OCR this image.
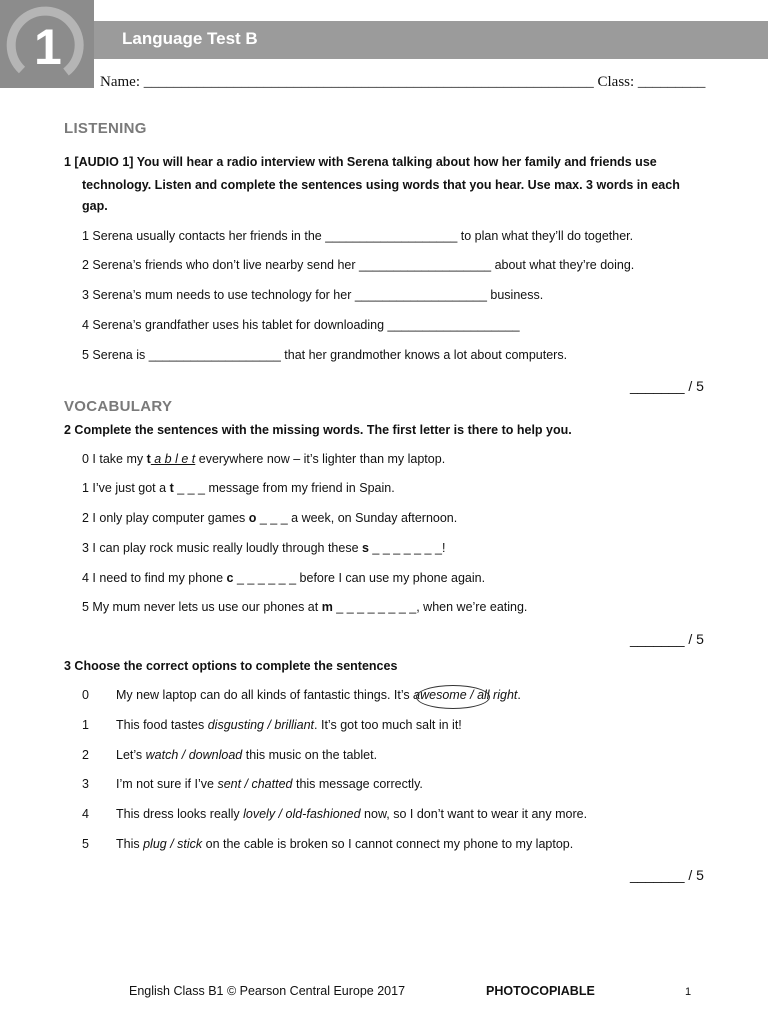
1	Language Test B
Name: ____________________________________________________________ Class: _________
LISTENING
1 [AUDIO 1] You will hear a radio interview with Serena talking about how her family and friends use
technology. Listen and complete the sentences using words that you hear. Use max. 3 words in each
gap.
1 Serena usually contacts her friends in the ___________________ to plan what they’ll do together.
2 Serena’s friends who don’t live nearby send her ___________________ about what they’re doing.
3 Serena’s mum needs to use technology for her ___________________ business.
4 Serena’s grandfather uses his tablet for downloading ___________________
5 Serena is ___________________ that her grandmother knows a lot about computers.
_______ / 5
VOCABULARY
2 Complete the sentences with the missing words. The first letter is there to help you.
0 I take my t a b l e t everywhere now – it’s lighter than my laptop.
1 I’ve just got a t _ _ _ message from my friend in Spain.
2 I only play computer games o _ _ _ a week, on Sunday afternoon.
3 I can play rock music really loudly through these s _ _ _ _ _ _ _!
4 I need to find my phone c _ _ _ _ _ _ before I can use my phone again.
5 My mum never lets us use our phones at m _ _ _ _ _ _ _ _, when we’re eating.
_______ / 5
3 Choose the correct options to complete the sentences
0 My new laptop can do all kinds of fantastic things. It’s awesome / all right.
1 This food tastes disgusting / brilliant. It’s got too much salt in it!
2 Let’s watch / download this music on the tablet.
3 I’m not sure if I’ve sent / chatted this message correctly.
4 This dress looks really lovely / old-fashioned now, so I don’t want to wear it any more.
5 This plug / stick on the cable is broken so I cannot connect my phone to my laptop.
_______ / 5
English Class B1 © Pearson Central Europe 2017	PHOTOCOPIABLE	1
